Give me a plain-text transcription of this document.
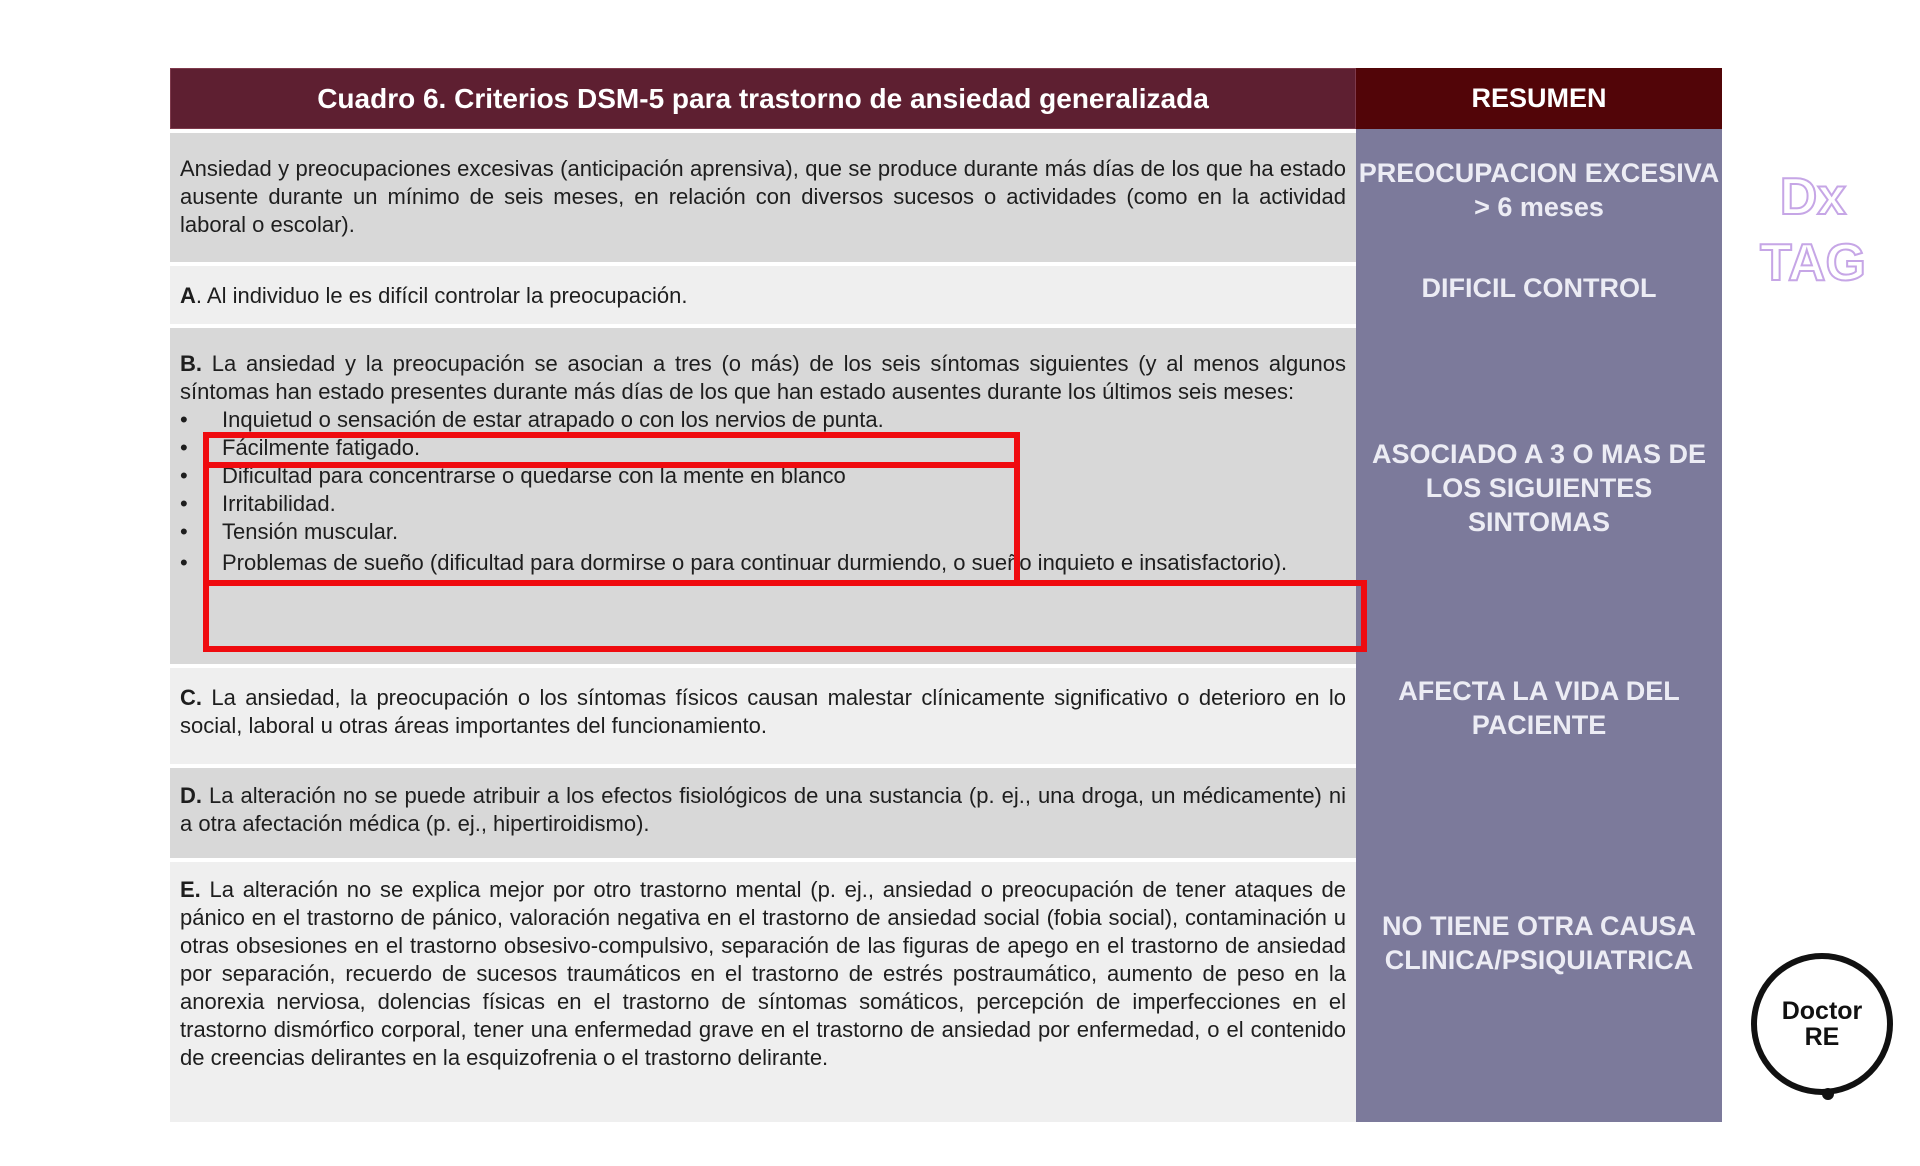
Cuadro 6. Criterios DSM-5 para trastorno de ansiedad generalizada	RESUMEN
Ansiedad y preocupaciones excesivas (anticipación aprensiva), que se produce durante más días de los que ha estado ausente durante un mínimo de seis meses, en relación con diversos sucesos o actividades (como en la actividad laboral o escolar).
A. Al individuo le es difícil controlar la preocupación.
B. La ansiedad y la preocupación se asocian a tres (o más) de los seis síntomas siguientes (y al menos algunos síntomas han estado presentes durante más días de los que han estado ausentes durante los últimos seis meses:
• Inquietud o sensación de estar atrapado o con los nervios de punta.
• Fácilmente fatigado.
• Dificultad para concentrarse o quedarse con la mente en blanco
• Irritabilidad.
• Tensión muscular.
• Problemas de sueño (dificultad para dormirse o para continuar durmiendo, o sueño inquieto e insatisfactorio).
C. La ansiedad, la preocupación o los síntomas físicos causan malestar clínicamente significativo o deterioro en lo social, laboral u otras áreas importantes del funcionamiento.
D. La alteración no se puede atribuir a los efectos fisiológicos de una sustancia (p. ej., una droga, un médicamente) ni a otra afectación médica (p. ej., hipertiroidismo).
E. La alteración no se explica mejor por otro trastorno mental (p. ej., ansiedad o preocupación de tener ataques de pánico en el trastorno de pánico, valoración negativa en el trastorno de ansiedad social (fobia social), contaminación u otras obsesiones en el trastorno obsesivo-compulsivo, separación de las figuras de apego en el trastorno de ansiedad por separación, recuerdo de sucesos traumáticos en el trastorno de estrés postraumático, aumento de peso en la anorexia nerviosa, dolencias físicas en el trastorno de síntomas somáticos, percepción de imperfecciones en el trastorno dismórfico corporal, tener una enfermedad grave en el trastorno de ansiedad por enfermedad, o el contenido de creencias delirantes en la esquizofrenia o el trastorno delirante.
PREOCUPACION EXCESIVA > 6 meses
DIFICIL CONTROL
ASOCIADO A 3 O MAS DE LOS SIGUIENTES SINTOMAS
AFECTA LA VIDA DEL PACIENTE
NO TIENE OTRA CAUSA CLINICA/PSIQUIATRICA
Dx
TAG
Doctor
RE
